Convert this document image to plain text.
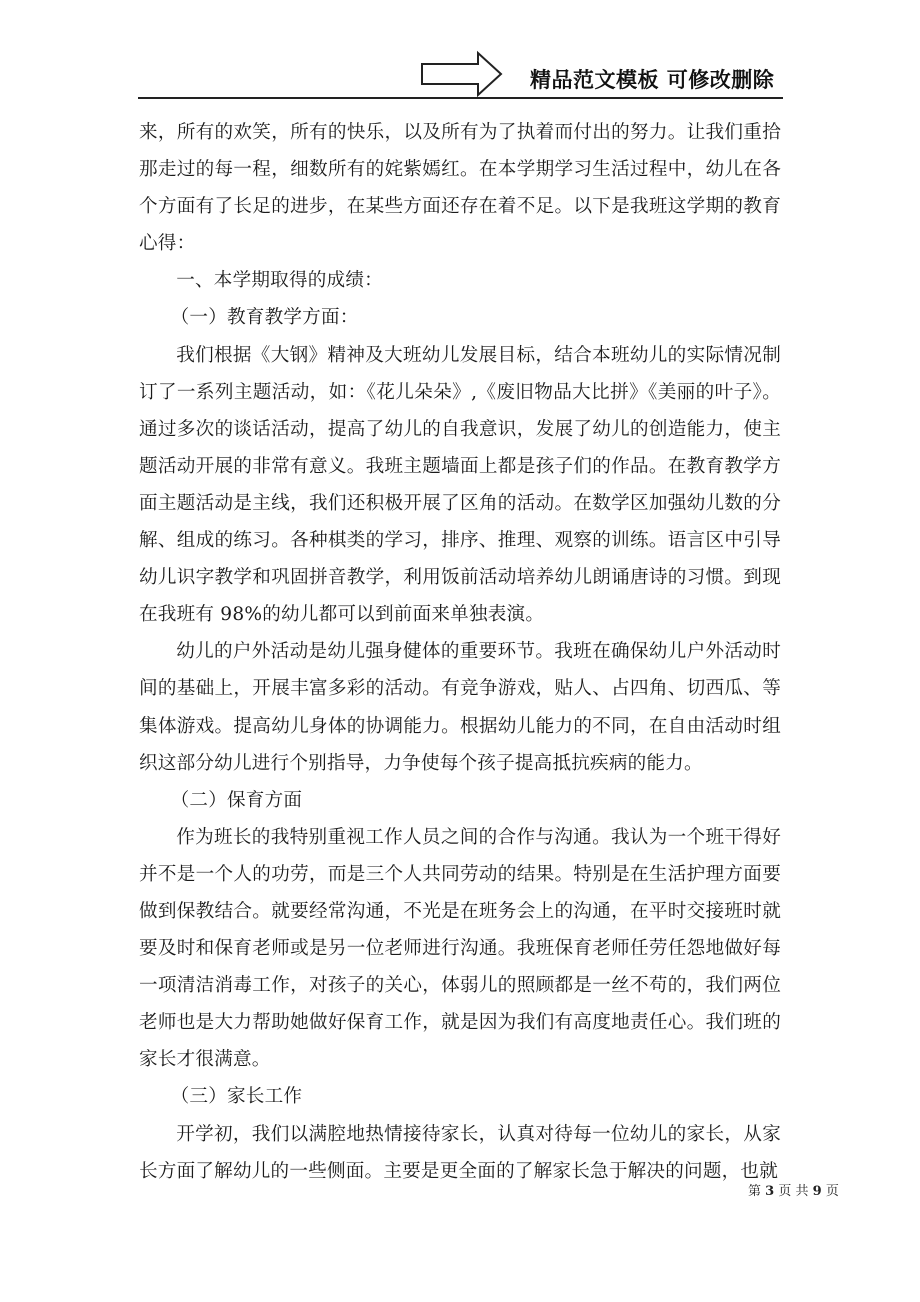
精品范文模板 可修改删除

来，所有的欢笑，所有的快乐，以及所有为了执着而付出的努力。让我们重拾那走过的每一程，细数所有的姹紫嫣红。在本学期学习生活过程中，幼儿在各个方面有了长足的进步，在某些方面还存在着不足。以下是我班这学期的教育心得：

一、本学期取得的成绩：

（一）教育教学方面：

我们根据《大钢》精神及大班幼儿发展目标，结合本班幼儿的实际情况制订了一系列主题活动，如：《花儿朵朵》,《废旧物品大比拼》《美丽的叶子》。通过多次的谈话活动，提高了幼儿的自我意识，发展了幼儿的创造能力，使主题活动开展的非常有意义。我班主题墙面上都是孩子们的作品。在教育教学方面主题活动是主线，我们还积极开展了区角的活动。在数学区加强幼儿数的分解、组成的练习。各种棋类的学习，排序、推理、观察的训练。语言区中引导幼儿识字教学和巩固拼音教学，利用饭前活动培养幼儿朗诵唐诗的习惯。到现在我班有 98%的幼儿都可以到前面来单独表演。

幼儿的户外活动是幼儿强身健体的重要环节。我班在确保幼儿户外活动时间的基础上，开展丰富多彩的活动。有竞争游戏，贴人、占四角、切西瓜、等集体游戏。提高幼儿身体的协调能力。根据幼儿能力的不同，在自由活动时组织这部分幼儿进行个别指导，力争使每个孩子提高抵抗疾病的能力。

（二）保育方面

作为班长的我特别重视工作人员之间的合作与沟通。我认为一个班干得好并不是一个人的功劳，而是三个人共同劳动的结果。特别是在生活护理方面要做到保教结合。就要经常沟通，不光是在班务会上的沟通，在平时交接班时就要及时和保育老师或是另一位老师进行沟通。我班保育老师任劳任怨地做好每一项清洁消毒工作，对孩子的关心，体弱儿的照顾都是一丝不苟的，我们两位老师也是大力帮助她做好保育工作，就是因为我们有高度地责任心。我们班的家长才很满意。

（三）家长工作

开学初，我们以满腔地热情接待家长，认真对待每一位幼儿的家长，从家长方面了解幼儿的一些侧面。主要是更全面的了解家长急于解决的问题，也就

第 3 页 共 9 页
